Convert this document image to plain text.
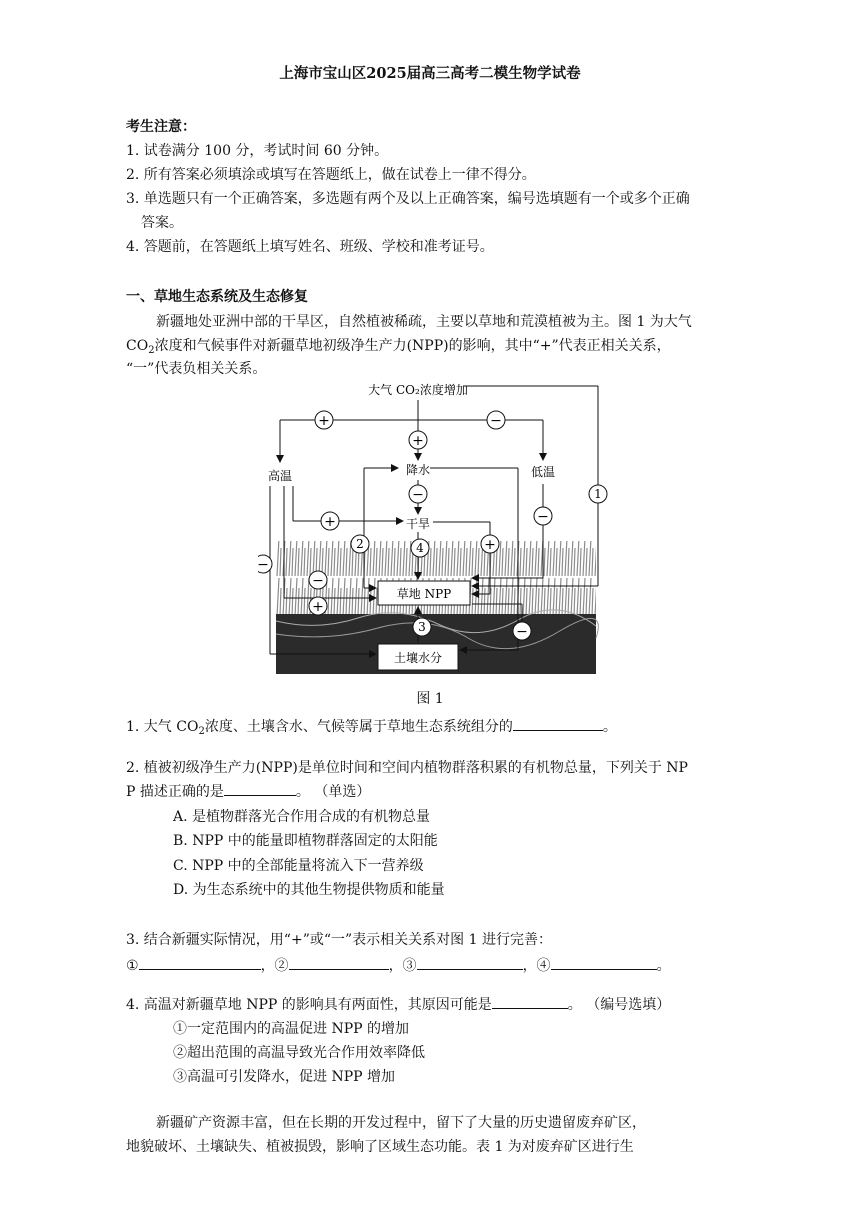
上海市宝山区2025届高三高考二模生物学试卷
考生注意：
1. 试卷满分 100 分，考试时间 60 分钟。
2. 所有答案必须填涂或填写在答题纸上，做在试卷上一律不得分。
3. 单选题只有一个正确答案，多选题有两个及以上正确答案，编号选填题有一个或多个正确
答案。
4. 答题前，在答题纸上填写姓名、班级、学校和准考证号。
一、草地生态系统及生态修复
新疆地处亚洲中部的干旱区，自然植被稀疏，主要以草地和荒漠植被为主。图 1 为大气
$CO_2$浓度和气候事件对新疆草地初级净生产力(NPP)的影响，其中“+”代表正相关关系，
“一”代表负相关关系。
草地 NPP
土壤水分
大气 CO₂浓度增加
高温	降水	低温
干旱
+	−
+
−
+	−
+
−
−
+
−
1
2
3
4
图 1
1. 大气 $CO_2$浓度、土壤含水、气候等属于草地生态系统组分的	。
2. 植被初级净生产力(NPP)是单位时间和空间内植物群落积累的有机物总量，下列关于 NP
P 描述正确的是	。 （单选）
A. 是植物群落光合作用合成的有机物总量
B. NPP 中的能量即植物群落固定的太阳能
C. NPP 中的全部能量将流入下一营养级
D. 为生态系统中的其他生物提供物质和能量
3. 结合新疆实际情况，用“+”或“一”表示相关关系对图 1 进行完善：
①	，②	，③	，④	。
4. 高温对新疆草地 NPP 的影响具有两面性，其原因可能是	。 （编号选填）
①一定范围内的高温促进 NPP 的增加
②超出范围的高温导致光合作用效率降低
③高温可引发降水，促进 NPP 增加
新疆矿产资源丰富，但在长期的开发过程中，留下了大量的历史遗留废弃矿区，
地貌破坏、土壤缺失、植被损毁，影响了区域生态功能。表 1 为对废弃矿区进行生
